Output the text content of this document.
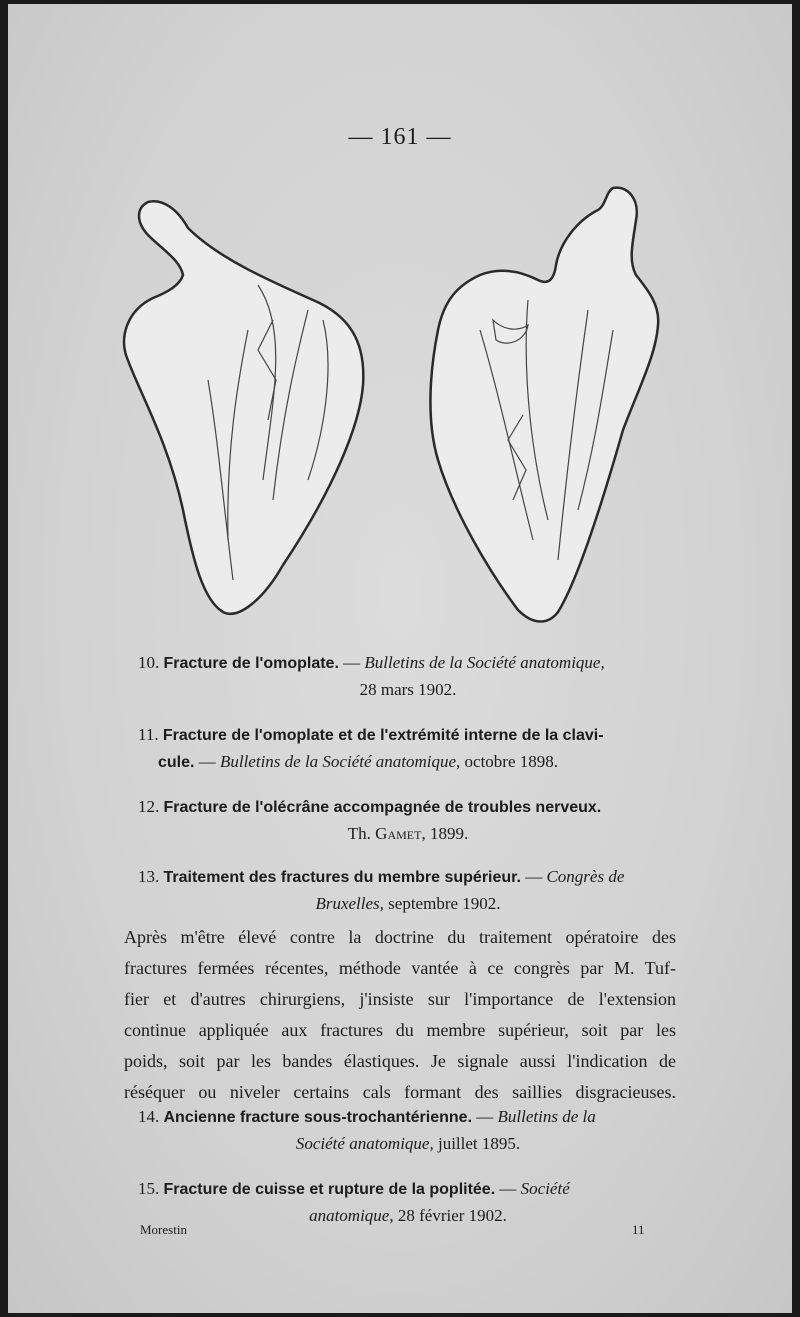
— 161 —
10. Fracture de l'omoplate. — Bulletins de la Société anatomique,
28 mars 1902.
11. Fracture de l'omoplate et de l'extrémité interne de la clavi-
cule. — Bulletins de la Société anatomique, octobre 1898.
12. Fracture de l'olécrâne accompagnée de troubles nerveux.
Th. Gamet, 1899.
13. Traitement des fractures du membre supérieur. — Congrès de
Bruxelles, septembre 1902.
Après m'être élevé contre la doctrine du traitement opératoire des
fractures fermées récentes, méthode vantée à ce congrès par M. Tuf-
fier et d'autres chirurgiens, j'insiste sur l'importance de l'extension
continue appliquée aux fractures du membre supérieur, soit par les
poids, soit par les bandes élastiques. Je signale aussi l'indication de
réséquer ou niveler certains cals formant des saillies disgracieuses.
14. Ancienne fracture sous-trochantérienne. — Bulletins de la
Société anatomique, juillet 1895.
15. Fracture de cuisse et rupture de la poplitée. — Société
anatomique, 28 février 1902.
Morestin	11
